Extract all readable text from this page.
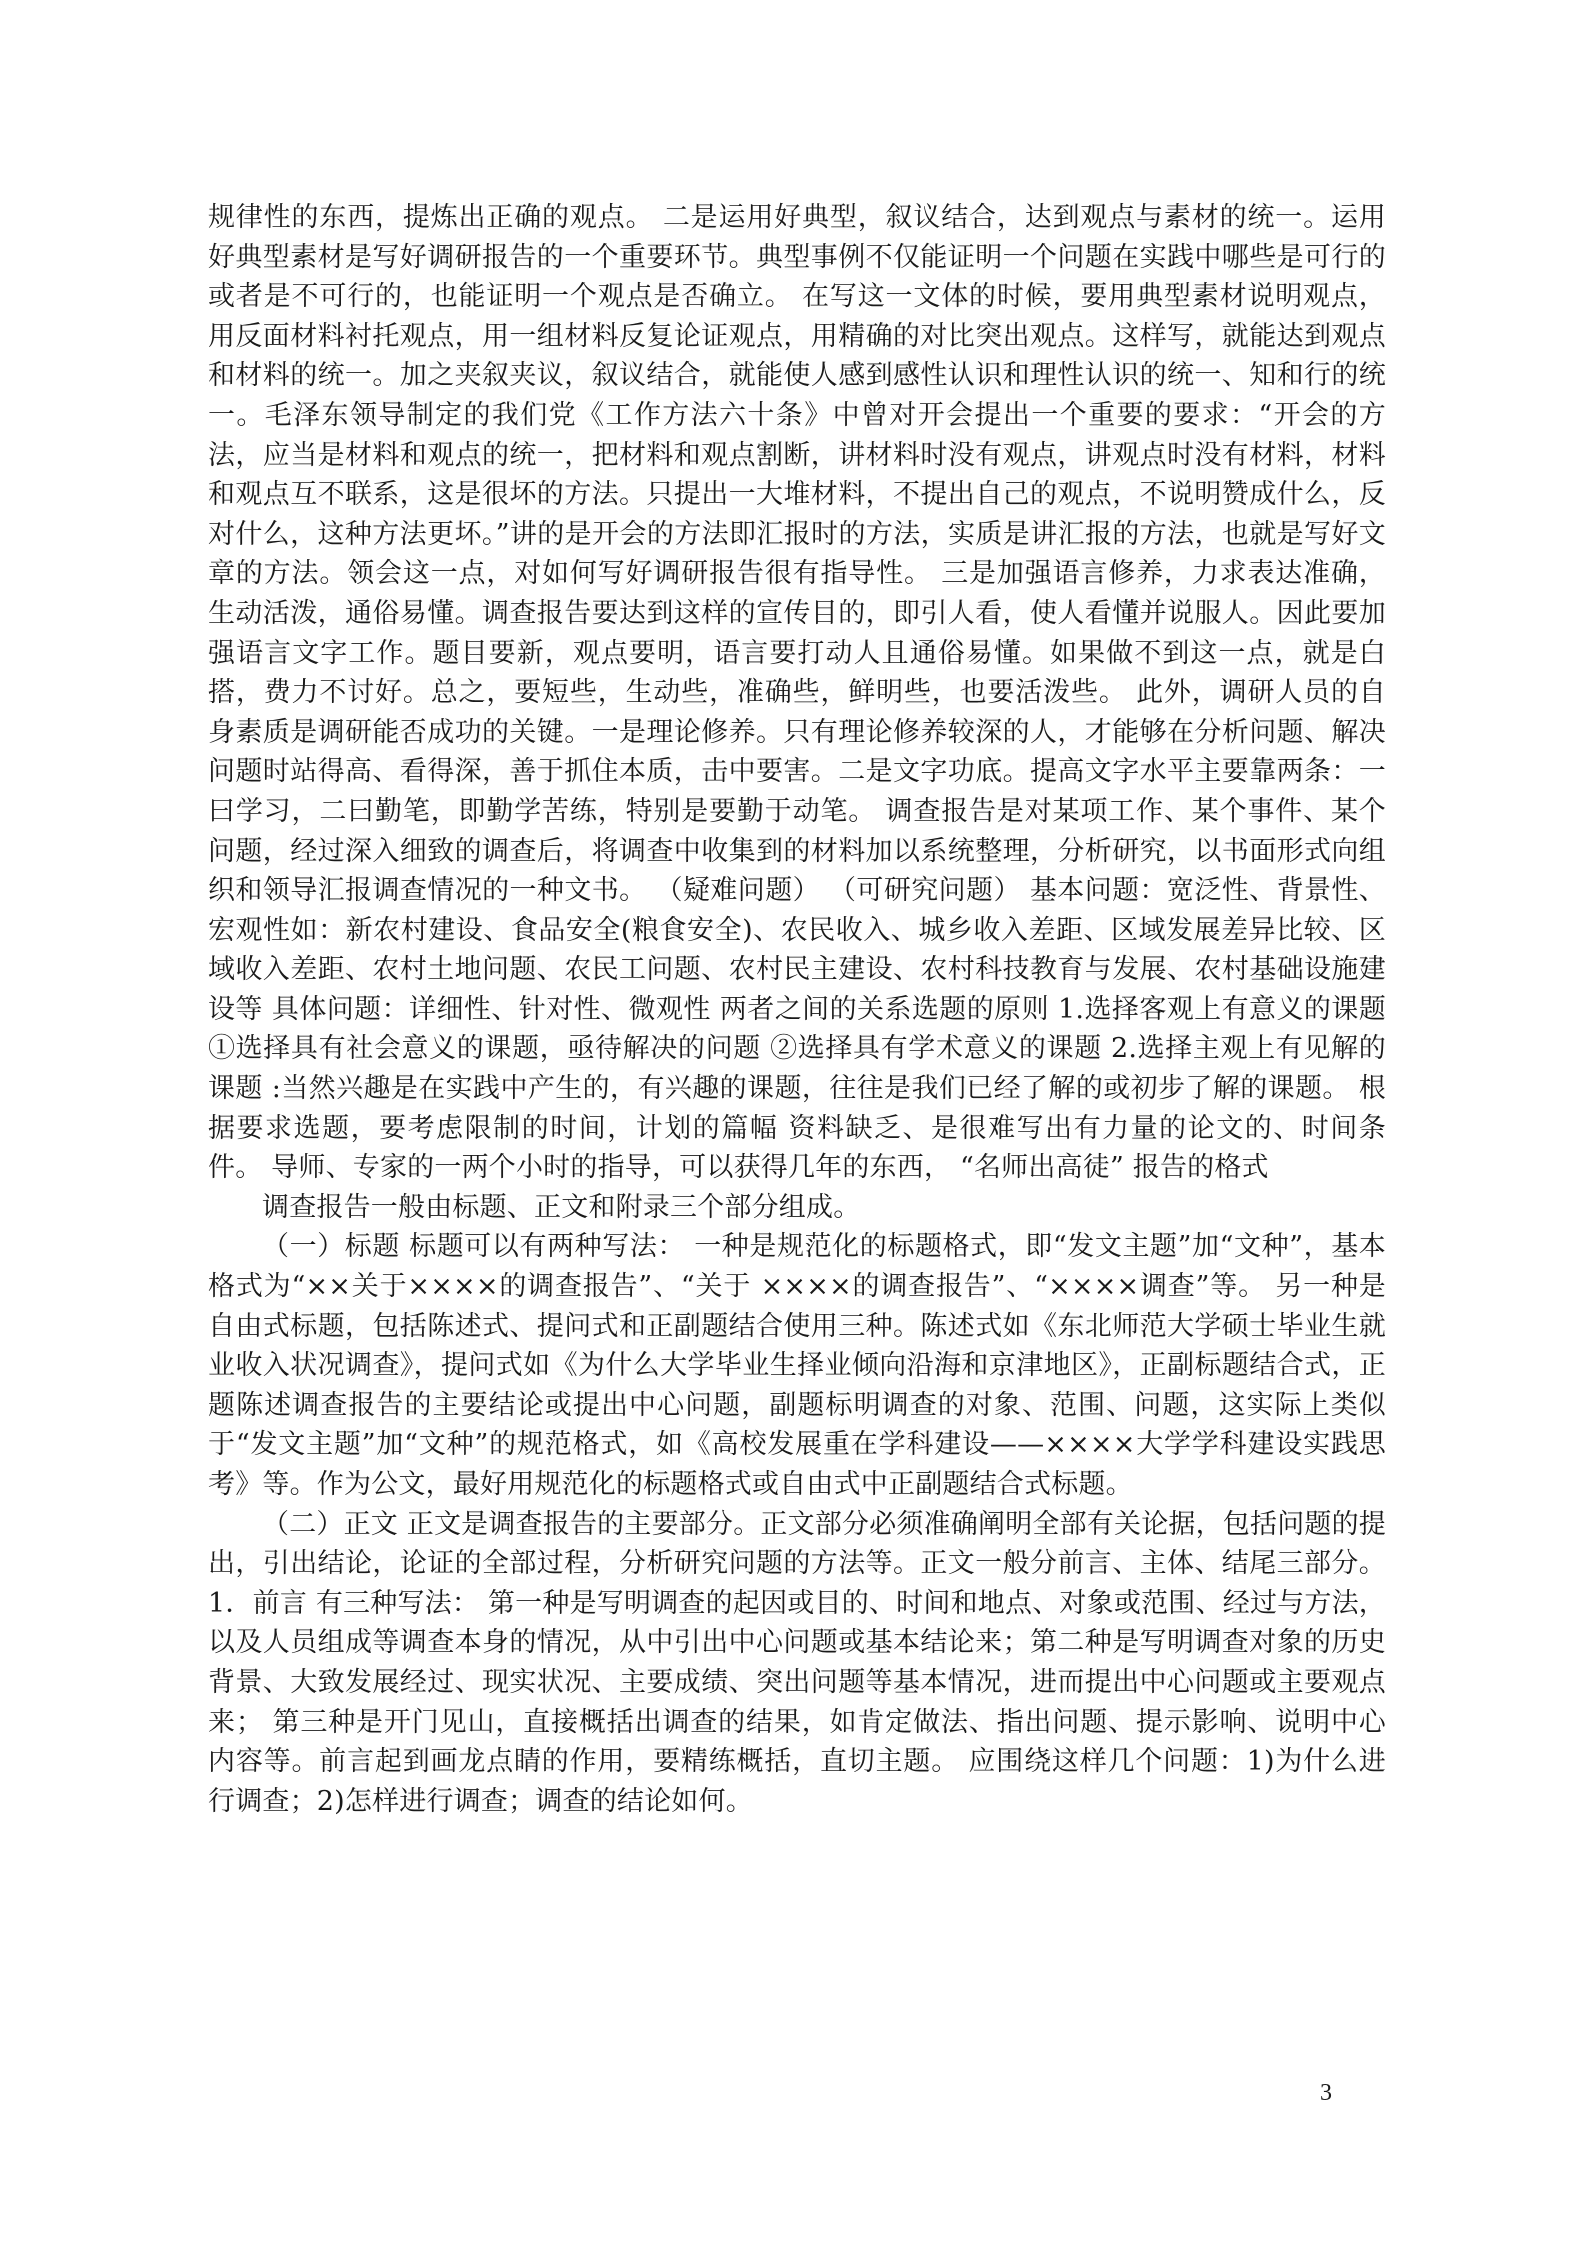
规律性的东西，提炼出正确的观点。 二是运用好典型，叙议结合，达到观点与素材的统一。运用好典型素材是写好调研报告的一个重要环节。典型事例不仅能证明一个问题在实践中哪些是可行的或者是不可行的，也能证明一个观点是否确立。 在写这一文体的时候，要用典型素材说明观点，用反面材料衬托观点，用一组材料反复论证观点，用精确的对比突出观点。这样写，就能达到观点和材料的统一。加之夹叙夹议，叙议结合，就能使人感到感性认识和理性认识的统一、知和行的统一。毛泽东领导制定的我们党《工作方法六十条》中曾对开会提出一个重要的要求：“开会的方法，应当是材料和观点的统一，把材料和观点割断，讲材料时没有观点，讲观点时没有材料，材料和观点互不联系，这是很坏的方法。只提出一大堆材料，不提出自己的观点，不说明赞成什么，反对什么，这种方法更坏。”讲的是开会的方法即汇报时的方法，实质是讲汇报的方法，也就是写好文章的方法。领会这一点，对如何写好调研报告很有指导性。 三是加强语言修养，力求表达准确，生动活泼，通俗易懂。调查报告要达到这样的宣传目的，即引人看，使人看懂并说服人。因此要加强语言文字工作。题目要新，观点要明，语言要打动人且通俗易懂。如果做不到这一点，就是白搭，费力不讨好。总之，要短些，生动些，准确些，鲜明些，也要活泼些。 此外，调研人员的自身素质是调研能否成功的关键。一是理论修养。只有理论修养较深的人，才能够在分析问题、解决问题时站得高、看得深，善于抓住本质，击中要害。二是文字功底。提高文字水平主要靠两条：一曰学习，二曰勤笔，即勤学苦练，特别是要勤于动笔。 调查报告是对某项工作、某个事件、某个问题，经过深入细致的调查后，将调查中收集到的材料加以系统整理，分析研究，以书面形式向组织和领导汇报调查情况的一种文书。 （疑难问题） （可研究问题） 基本问题：宽泛性、背景性、宏观性如：新农村建设、食品安全(粮食安全)、农民收入、城乡收入差距、区域发展差异比较、区域收入差距、农村土地问题、农民工问题、农村民主建设、农村科技教育与发展、农村基础设施建设等 具体问题：详细性、针对性、微观性 两者之间的关系选题的原则 1.选择客观上有意义的课题 ①选择具有社会意义的课题，亟待解决的问题 ②选择具有学术意义的课题 2.选择主观上有见解的课题 :当然兴趣是在实践中产生的，有兴趣的课题，往往是我们已经了解的或初步了解的课题。 根据要求选题，要考虑限制的时间，计划的篇幅 资料缺乏、是很难写出有力量的论文的、时间条件。 导师、专家的一两个小时的指导，可以获得几年的东西， “名师出高徒” 报告的格式

调查报告一般由标题、正文和附录三个部分组成。

（一）标题 标题可以有两种写法： 一种是规范化的标题格式，即“发文主题”加“文种”，基本格式为“××关于××××的调查报告”、“关于 ××××的调查报告”、“××××调查”等。 另一种是自由式标题，包括陈述式、提问式和正副题结合使用三种。陈述式如《东北师范大学硕士毕业生就业收入状况调查》，提问式如《为什么大学毕业生择业倾向沿海和京津地区》，正副标题结合式，正题陈述调查报告的主要结论或提出中心问题，副题标明调查的对象、范围、问题，这实际上类似于“发文主题”加“文种”的规范格式，如《高校发展重在学科建设——××××大学学科建设实践思考》等。作为公文，最好用规范化的标题格式或自由式中正副题结合式标题。

（二）正文 正文是调查报告的主要部分。正文部分必须准确阐明全部有关论据，包括问题的提出，引出结论，论证的全部过程，分析研究问题的方法等。正文一般分前言、主体、结尾三部分。 1．前言 有三种写法： 第一种是写明调查的起因或目的、时间和地点、对象或范围、经过与方法，以及人员组成等调查本身的情况，从中引出中心问题或基本结论来；第二种是写明调查对象的历史背景、大致发展经过、现实状况、主要成绩、突出问题等基本情况，进而提出中心问题或主要观点来； 第三种是开门见山，直接概括出调查的结果，如肯定做法、指出问题、提示影响、说明中心内容等。前言起到画龙点睛的作用，要精练概括，直切主题。 应围绕这样几个问题：1)为什么进行调查；2)怎样进行调查；调查的结论如何。

3
